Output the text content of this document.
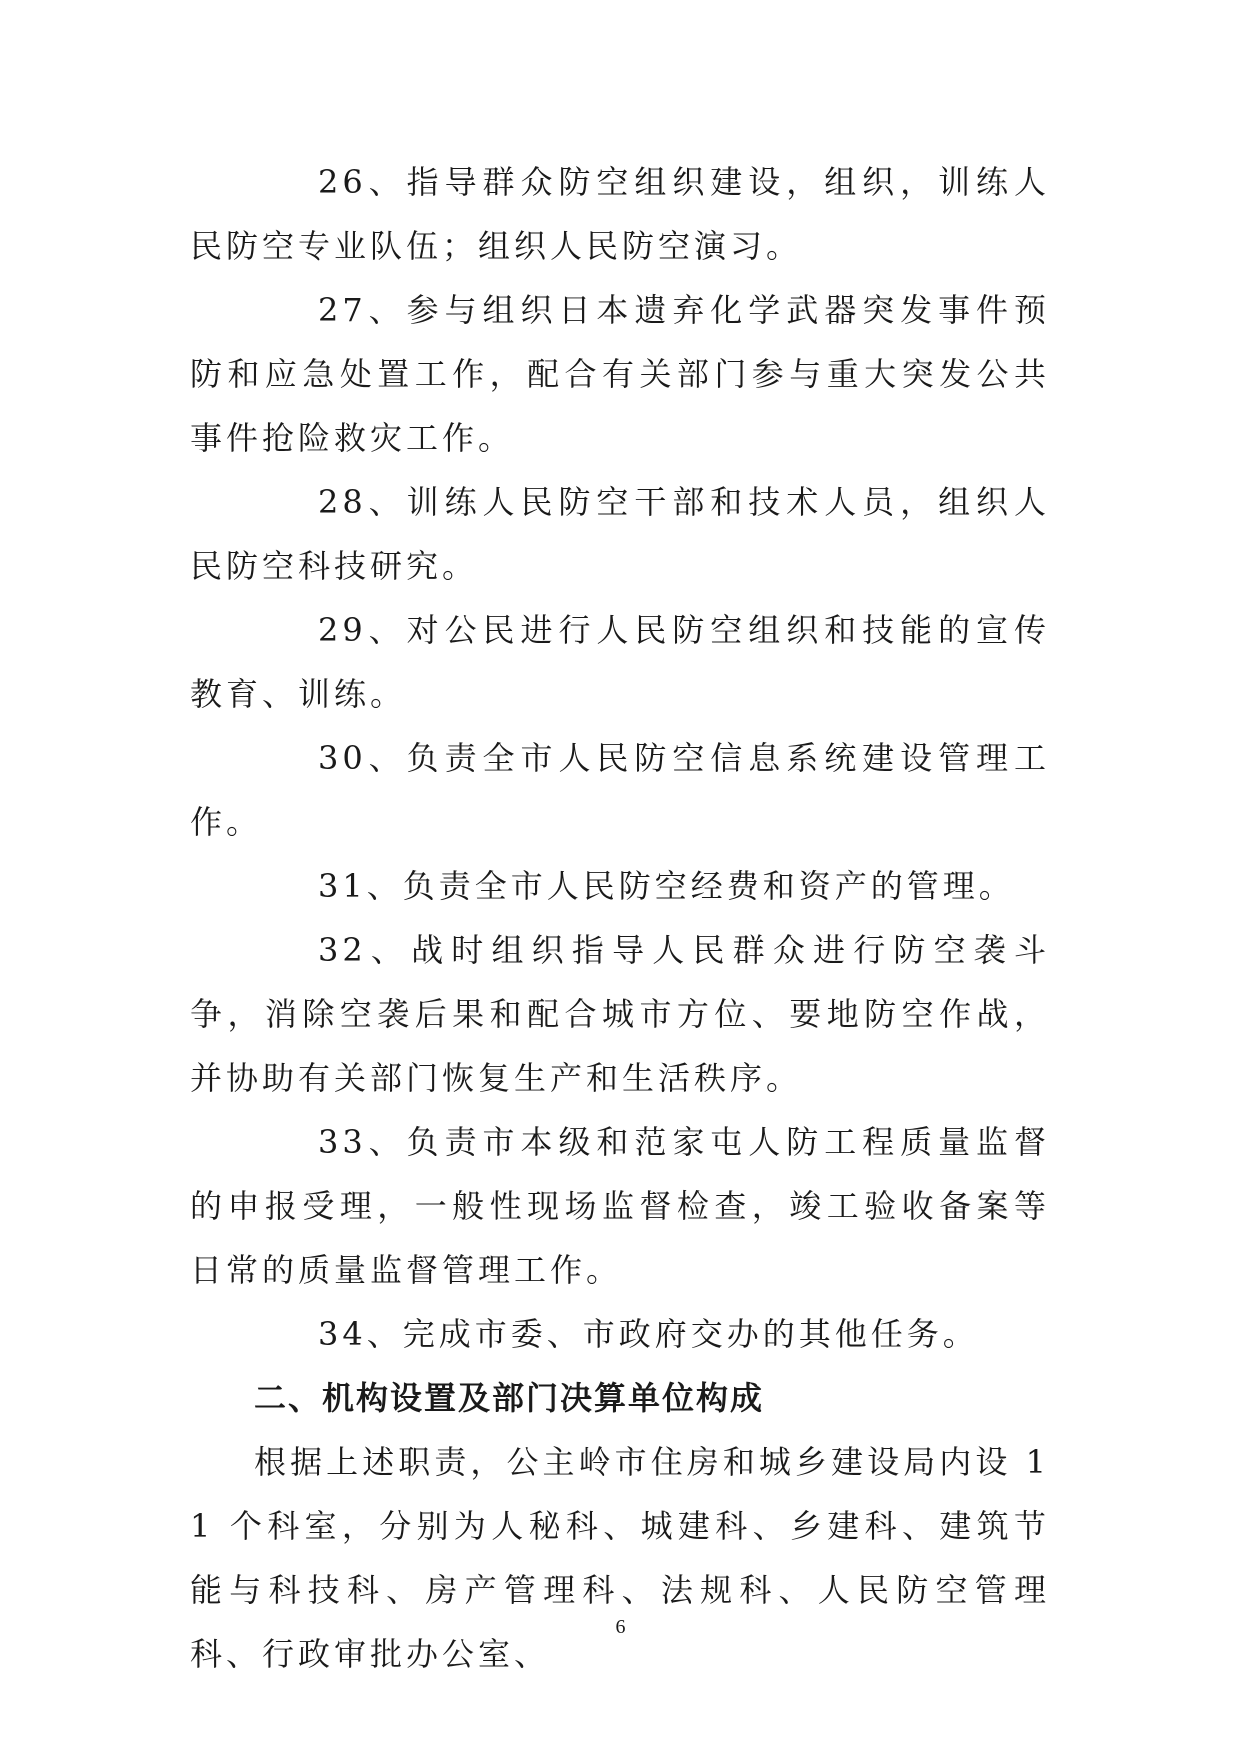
26、指导群众防空组织建设，组织，训练人民防空专业队伍；组织人民防空演习。

27、参与组织日本遗弃化学武器突发事件预防和应急处置工作，配合有关部门参与重大突发公共事件抢险救灾工作。

28、训练人民防空干部和技术人员，组织人民防空科技研究。

29、对公民进行人民防空组织和技能的宣传教育、训练。

30、负责全市人民防空信息系统建设管理工作。

31、负责全市人民防空经费和资产的管理。

32、战时组织指导人民群众进行防空袭斗争，消除空袭后果和配合城市方位、要地防空作战，并协助有关部门恢复生产和生活秩序。

33、负责市本级和范家屯人防工程质量监督的申报受理，一般性现场监督检查，竣工验收备案等日常的质量监督管理工作。

34、完成市委、市政府交办的其他任务。

二、机构设置及部门决算单位构成

根据上述职责，公主岭市住房和城乡建设局内设 11 个科室，分别为人秘科、城建科、乡建科、建筑节能与科技科、房产管理科、法规科、人民防空管理科、行政审批办公室、

6
